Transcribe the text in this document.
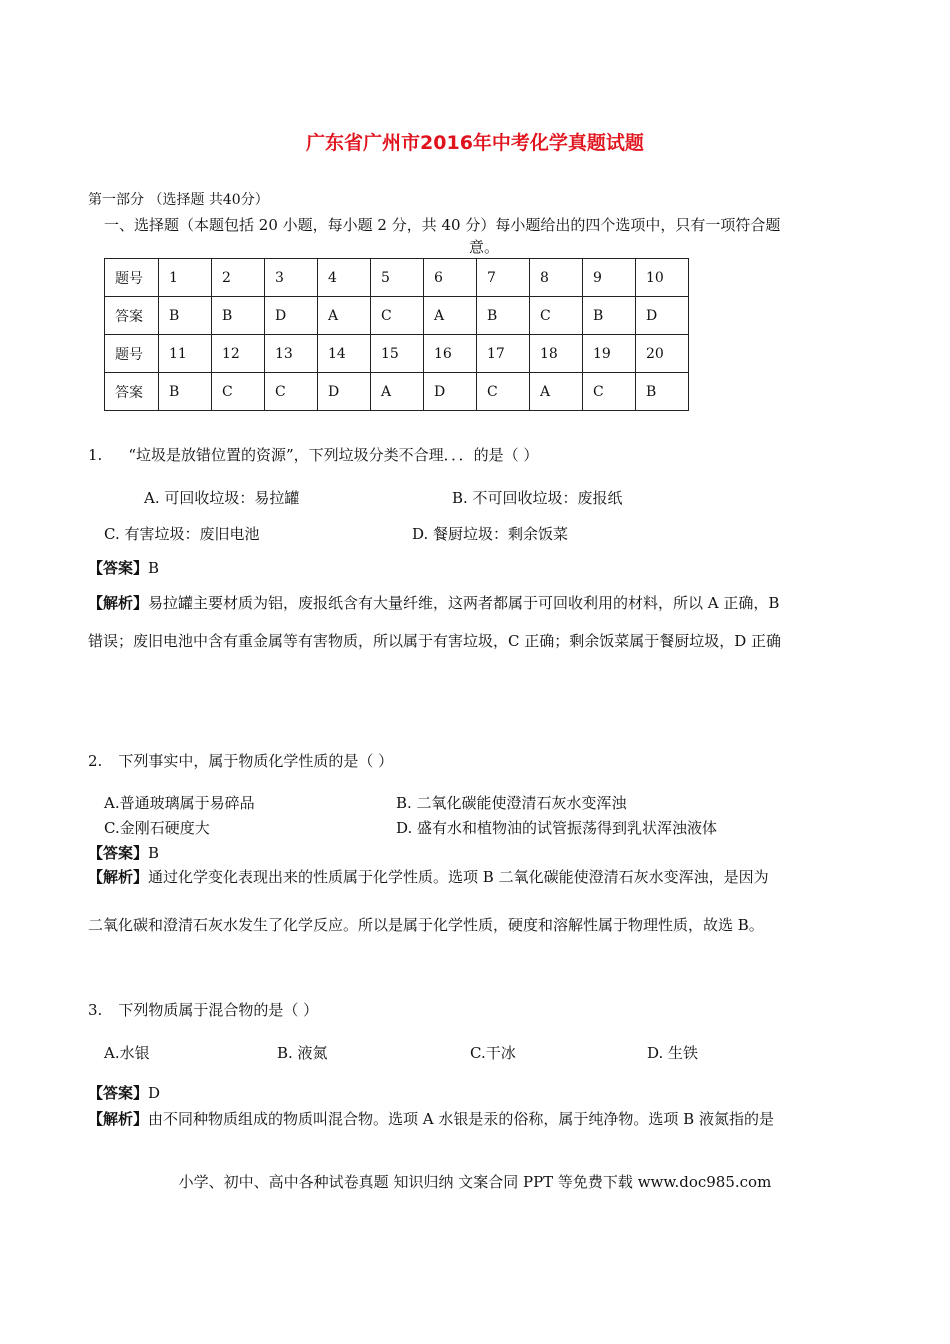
广东省广州市2016年中考化学真题试题
第一部分 （选择题 共40分）
一、选择题（本题包括 20 小题，每小题 2 分，共 40 分）每小题给出的四个选项中，只有一项符合题
意。
题号	1	2	3	4	5	6	7	8	9	10
答案	B	B	D	A	C	A	B	C	B	D
题号	11	12	13	14	15	16	17	18	19	20
答案	B	C	C	D	A	D	C	A	C	B
1. “垃圾是放错位置的资源”，下列垃圾分类不合理．．．的是（ ）
A. 可回收垃圾：易拉罐	B. 不可回收垃圾：废报纸
C. 有害垃圾：废旧电池	D. 餐厨垃圾：剩余饭菜
【答案】B
【解析】易拉罐主要材质为铝，废报纸含有大量纤维，这两者都属于可回收利用的材料，所以 A 正确，B
错误；废旧电池中含有重金属等有害物质，所以属于有害垃圾，C 正确；剩余饭菜属于餐厨垃圾，D 正确
2. 下列事实中，属于物质化学性质的是（ ）
A.普通玻璃属于易碎品	B. 二氧化碳能使澄清石灰水变浑浊
C.金刚石硬度大	D. 盛有水和植物油的试管振荡得到乳状浑浊液体
【答案】B
【解析】通过化学变化表现出来的性质属于化学性质。选项 B 二氧化碳能使澄清石灰水变浑浊，是因为
二氧化碳和澄清石灰水发生了化学反应。所以是属于化学性质，硬度和溶解性属于物理性质，故选 B。
3. 下列物质属于混合物的是（ ）
A.水银	B. 液氮	C.干冰	D. 生铁
【答案】D
【解析】由不同种物质组成的物质叫混合物。选项 A 水银是汞的俗称，属于纯净物。选项 B 液氮指的是
小学、初中、高中各种试卷真题 知识归纳 文案合同 PPT 等免费下载 www.doc985.com
